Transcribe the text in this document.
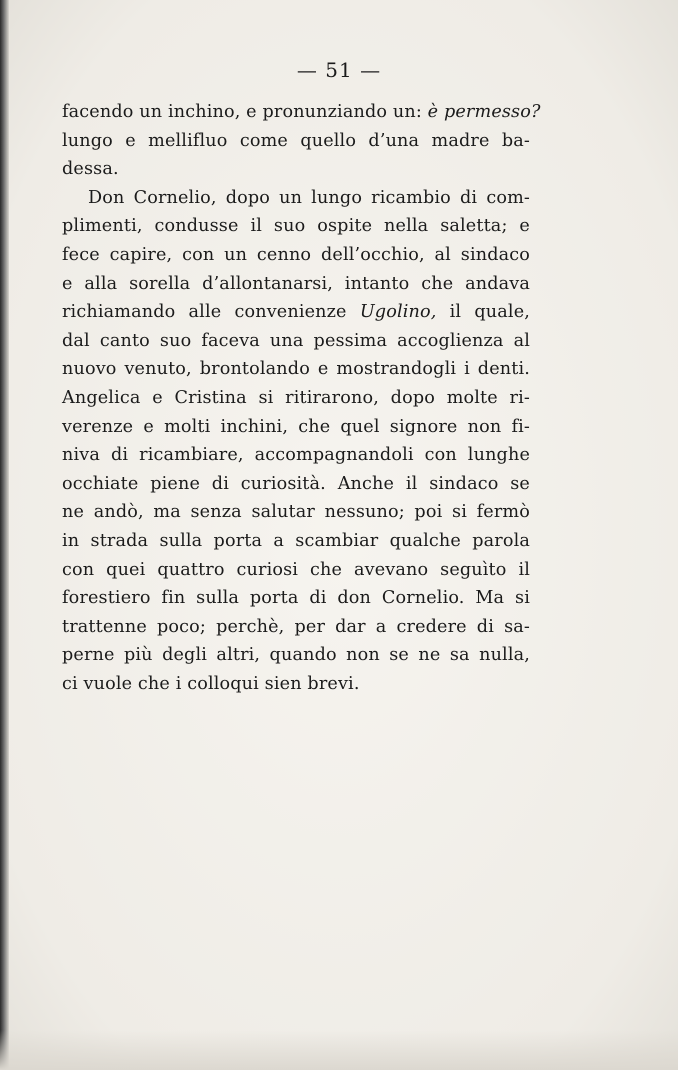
— 51 —
facendo un inchino, e pronunziando un: è permesso?
lungo e mellifluo come quello d’una madre ba-
dessa.
Don Cornelio, dopo un lungo ricambio di com-
plimenti, condusse il suo ospite nella saletta; e
fece capire, con un cenno dell’occhio, al sindaco
e alla sorella d’allontanarsi, intanto che andava
richiamando alle convenienze Ugolino, il quale,
dal canto suo faceva una pessima accoglienza al
nuovo venuto, brontolando e mostrandogli i denti.
Angelica e Cristina si ritirarono, dopo molte ri-
verenze e molti inchini, che quel signore non fi-
niva di ricambiare, accompagnandoli con lunghe
occhiate piene di curiosità. Anche il sindaco se
ne andò, ma senza salutar nessuno; poi si fermò
in strada sulla porta a scambiar qualche parola
con quei quattro curiosi che avevano seguìto il
forestiero fin sulla porta di don Cornelio. Ma si
trattenne poco; perchè, per dar a credere di sa-
perne più degli altri, quando non se ne sa nulla,
ci vuole che i colloqui sien brevi.
